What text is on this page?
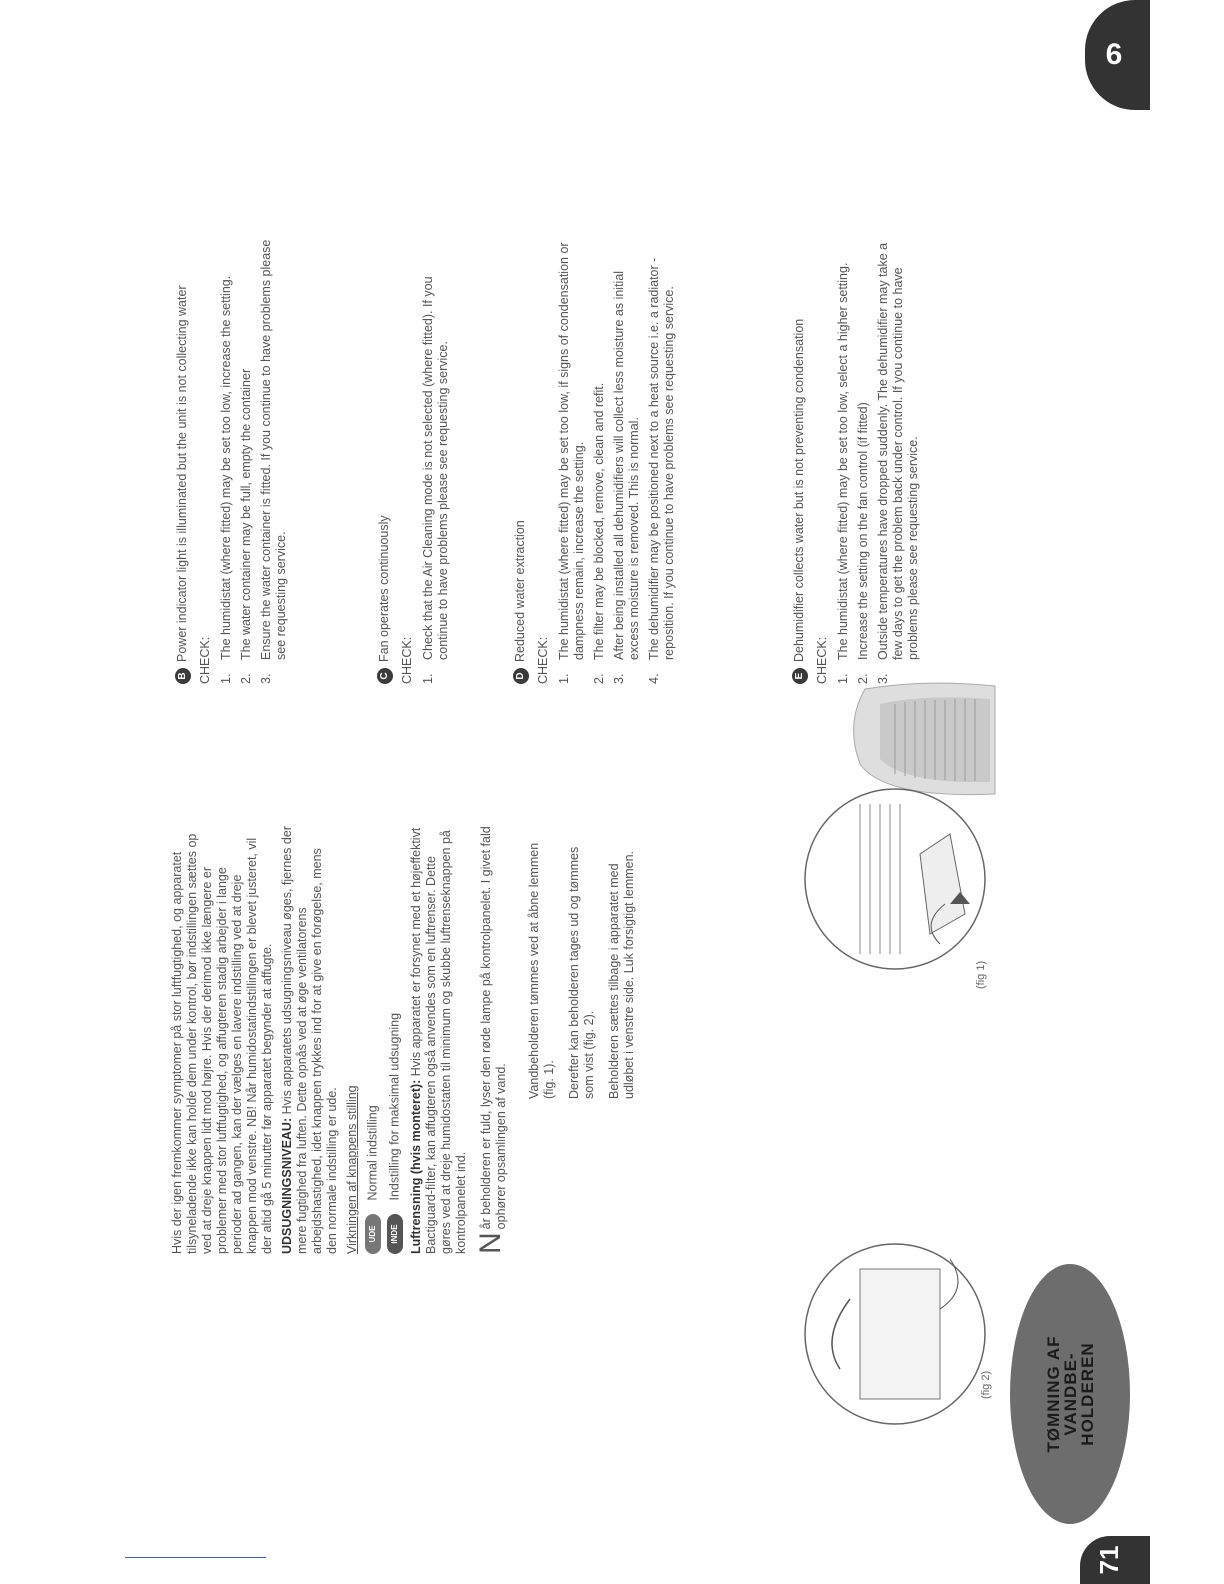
6
71
B
Power indicator light is illuminated but the unit is not collecting water CHECK: 1.
The humidistat (where fitted) may be set too low, increase the setting.
2.
The water container may be full, empty the container
3.
Ensure the water container is fitted. If you continue to have problems please see requesting service.
C
Fan operates continuously CHECK: 1.
Check that the Air Cleaning mode is not selected (where fitted). If you continue to have problems please see requesting service.
D
Reduced water extraction CHECK: 1.
The humidistat (where fitted) may be set too low, if signs of condensation or dampness remain, increase the setting.
2.
The filter may be blocked, remove, clean and refit.
3.
After being installed all dehumidifiers will collect less moisture as initial excess moisture is removed. This is normal.
4.
The dehumidifier may be positioned next to a heat source i.e. a radiator - reposition. If you continue to have problems see requesting service.
E
Dehumidifier collects water but is not preventing condensation CHECK: 1.
The humidistat (where fitted) may be set too low, select a higher setting.
2.
Increase the setting on the fan control (if fitted)
3.
Outside temperatures have dropped suddenly. The dehumidifier may take a few days to get the problem back under control. If you continue to have problems please see requesting service.
(fig 1)

Hvis der igen fremkommer symptomer på stor luftfugtighed, og apparatet tilsyneladende ikke kan holde dem under kontrol, bør indstillingen sættes op ved at dreje knappen lidt mod højre. Hvis der derimod ikke længere er problemer med stor luftfugtighed, og affugteren stadig arbejder i lange perioder ad gangen, kan der vælges en lavere indstilling ved at dreje knappen mod venstre. NB! Når humidostatindstillingen er blevet justeret, vil der altid gå 5 minutter før apparatet begynder at affugte. UDSUGNINGSNIVEAU: Hvis apparatets udsugningsniveau øges, fjernes der mere fugtighed fra luften. Dette opnås ved at øge ventilatorens arbejdshastighed, idet knappen trykkes ind for at give en forøgelse, mens den normale indstilling er ude. Virkningen af knappens stilling	UDE Normal indstilling
INDE Indstilling for maksimal udsugning Luftrensning (hvis monteret): Hvis apparatet er forsynet med et højeffektivt Bactiguard-filter, kan affugteren også anvendes som en luftrenser. Dette gøres ved at dreje humidostaten til minimum og skubbe luftrenseknappen på kontrolpanelet ind. N
år beholderen er fuld, lyser den røde lampe på kontrolpanelet. I givet fald ophører opsamlingen af vand.

Vandbeholderen tømmes ved at åbne lemmen (fig. 1). Derefter kan beholderen tages ud og tømmes som vist (fig. 2). Beholderen sættes tilbage i apparatet med udløbet i venstre side. Luk forsigtigt lemmen.

(fig 2)	TØMNING AF VANDBE- HOLDEREN
